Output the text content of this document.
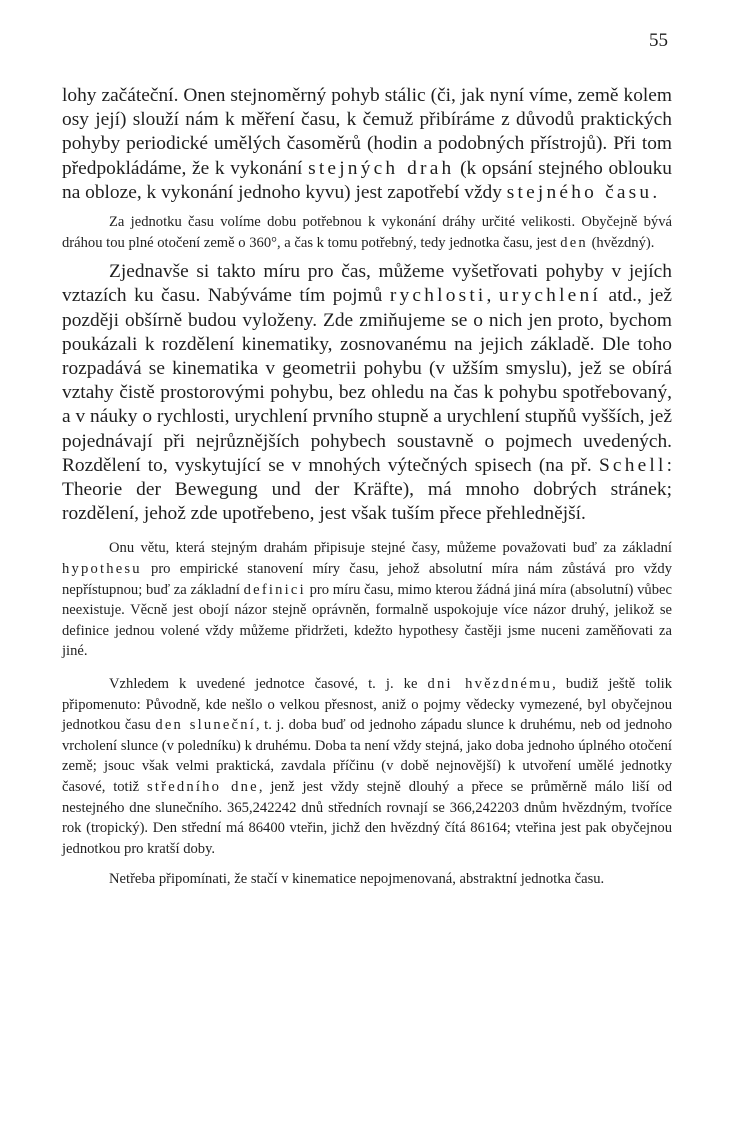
55

lohy začáteční. Onen stejnoměrný pohyb stálic (či, jak nyní víme, země kolem osy její) slouží nám k měření času, k čemuž přibíráme z důvodů praktických pohyby periodické umělých časoměrů (hodin a podobných přístrojů). Při tom předpokládáme, že k vykonání stejných drah (k opsání stejného oblouku na obloze, k vykonání jednoho kyvu) jest zapotřebí vždy stejného času.

Za jednotku času volíme dobu potřebnou k vykonání dráhy určité velikosti. Obyčejně bývá dráhou tou plné otočení země o 360°, a čas k tomu potřebný, tedy jednotka času, jest den (hvězdný).

Zjednavše si takto míru pro čas, můžeme vyšetřovati pohyby v jejích vztazích ku času. Nabýváme tím pojmů rychlosti, urychlení atd., jež později obšírně budou vyloženy. Zde zmiňujeme se o nich jen proto, bychom poukázali k rozdělení kinematiky, zosnovanému na jejich základě. Dle toho rozpadává se kinematika v geometrii pohybu (v užším smyslu), jež se obírá vztahy čistě prostorovými pohybu, bez ohledu na čas k pohybu spotřebovaný, a v náuky o rychlosti, urychlení prvního stupně a urychlení stupňů vyšších, jež pojednávají při nejrůznějších pohybech soustavně o pojmech uvedených. Rozdělení to, vyskytující se v mnohých výtečných spisech (na př. Schell: Theorie der Bewegung und der Kräfte), má mnoho dobrých stránek; rozdělení, jehož zde upotřebeno, jest však tuším přece přehlednější.

Onu větu, která stejným drahám připisuje stejné časy, můžeme považovati buď za základní hypothesu pro empirické stanovení míry času, jehož absolutní míra nám zůstává pro vždy nepřístupnou; buď za základní definici pro míru času, mimo kterou žádná jiná míra (absolutní) vůbec neexistuje. Věcně jest obojí názor stejně oprávněn, formalně uspokojuje více názor druhý, jelikož se definice jednou volené vždy můžeme přidržeti, kdežto hypothesy častěji jsme nuceni zaměňovati za jiné.

Vzhledem k uvedené jednotce časové, t. j. ke dni hvězdnému, budiž ještě tolik připomenuto: Původně, kde nešlo o velkou přesnost, aniž o pojmy vědecky vymezené, byl obyčejnou jednotkou času den sluneční, t. j. doba buď od jednoho západu slunce k druhému, neb od jednoho vrcholení slunce (v poledníku) k druhému. Doba ta není vždy stejná, jako doba jednoho úplného otočení země; jsouc však velmi praktická, zavdala příčinu (v době nejnovější) k utvoření umělé jednotky časové, totiž středního dne, jenž jest vždy stejně dlouhý a přece se průměrně málo liší od nestejného dne slunečního. 365,242242 dnů středních rovnají se 366,242203 dnům hvězdným, tvoříce rok (tropický). Den střední má 86400 vteřin, jichž den hvězdný čítá 86164; vteřina jest pak obyčejnou jednotkou pro kratší doby.

Netřeba připomínati, že stačí v kinematice nepojmenovaná, abstraktní jednotka času.
